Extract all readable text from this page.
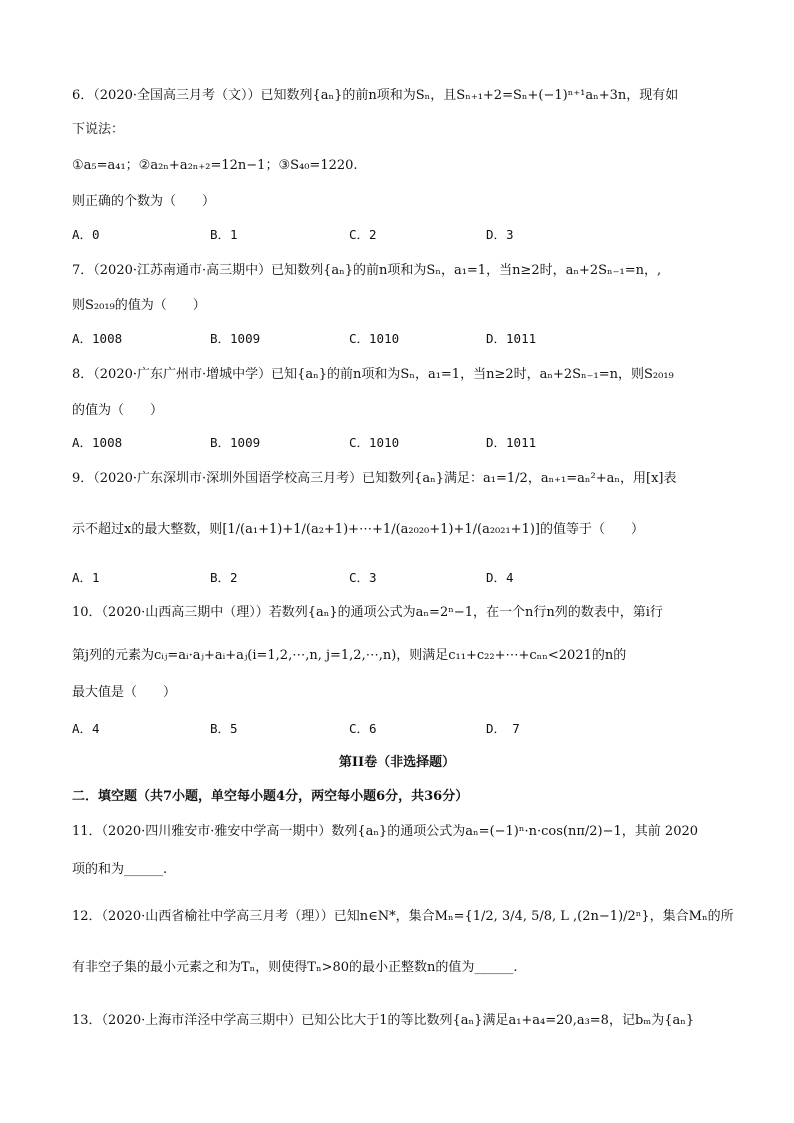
6．（2020·全国高三月考（文））已知数列{aₙ}的前n项和为Sₙ，且Sₙ₊₁+2=Sₙ+(−1)ⁿ⁺¹aₙ+3n，现有如
下说法：
①a₅=a₄₁；②a₂ₙ+a₂ₙ₊₂=12n−1；③S₄₀=1220.
则正确的个数为（　　）
A．0	B．1	C．2	D．3
7．（2020·江苏南通市·高三期中）已知数列{aₙ}的前n项和为Sₙ，a₁=1，当n≥2时，aₙ+2Sₙ₋₁=n，,
则S₂₀₁₉的值为（　　）
A．1008	B．1009	C．1010	D．1011
8．（2020·广东广州市·增城中学）已知{aₙ}的前n项和为Sₙ，a₁=1，当n≥2时，aₙ+2Sₙ₋₁=n，则S₂₀₁₉
的值为（　　）
A．1008	B．1009	C．1010	D．1011
9．（2020·广东深圳市·深圳外国语学校高三月考）已知数列{aₙ}满足：a₁=1/2，aₙ₊₁=aₙ²+aₙ，用[x]表
示不超过x的最大整数，则[1/(a₁+1)+1/(a₂+1)+⋯+1/(a₂₀₂₀+1)+1/(a₂₀₂₁+1)]的值等于（　　）
A．1	B．2	C．3	D．4
10．（2020·山西高三期中（理））若数列{aₙ}的通项公式为aₙ=2ⁿ−1，在一个n行n列的数表中，第i行
第j列的元素为cᵢⱼ=aᵢ·aⱼ+aᵢ+aⱼ(i=1,2,⋯,n, j=1,2,⋯,n)，则满足c₁₁+c₂₂+⋯+cₙₙ<2021的n的
最大值是（　　）
A．4	B．5	C．6	D．　7
第II卷（非选择题）
二．填空题（共7小题，单空每小题4分，两空每小题6分，共36分）
11．（2020·四川雅安市·雅安中学高一期中）数列{aₙ}的通项公式为aₙ=(−1)ⁿ·n·cos(nπ/2)−1，其前 2020
项的和为______.
12．（2020·山西省榆社中学高三月考（理））已知n∈N*，集合Mₙ={1/2, 3/4, 5/8, L ,(2n−1)/2ⁿ}，集合Mₙ的所
有非空子集的最小元素之和为Tₙ，则使得Tₙ>80的最小正整数n的值为______.
13．（2020·上海市洋泾中学高三期中）已知公比大于1的等比数列{aₙ}满足a₁+a₄=20,a₃=8，记bₘ为{aₙ}
